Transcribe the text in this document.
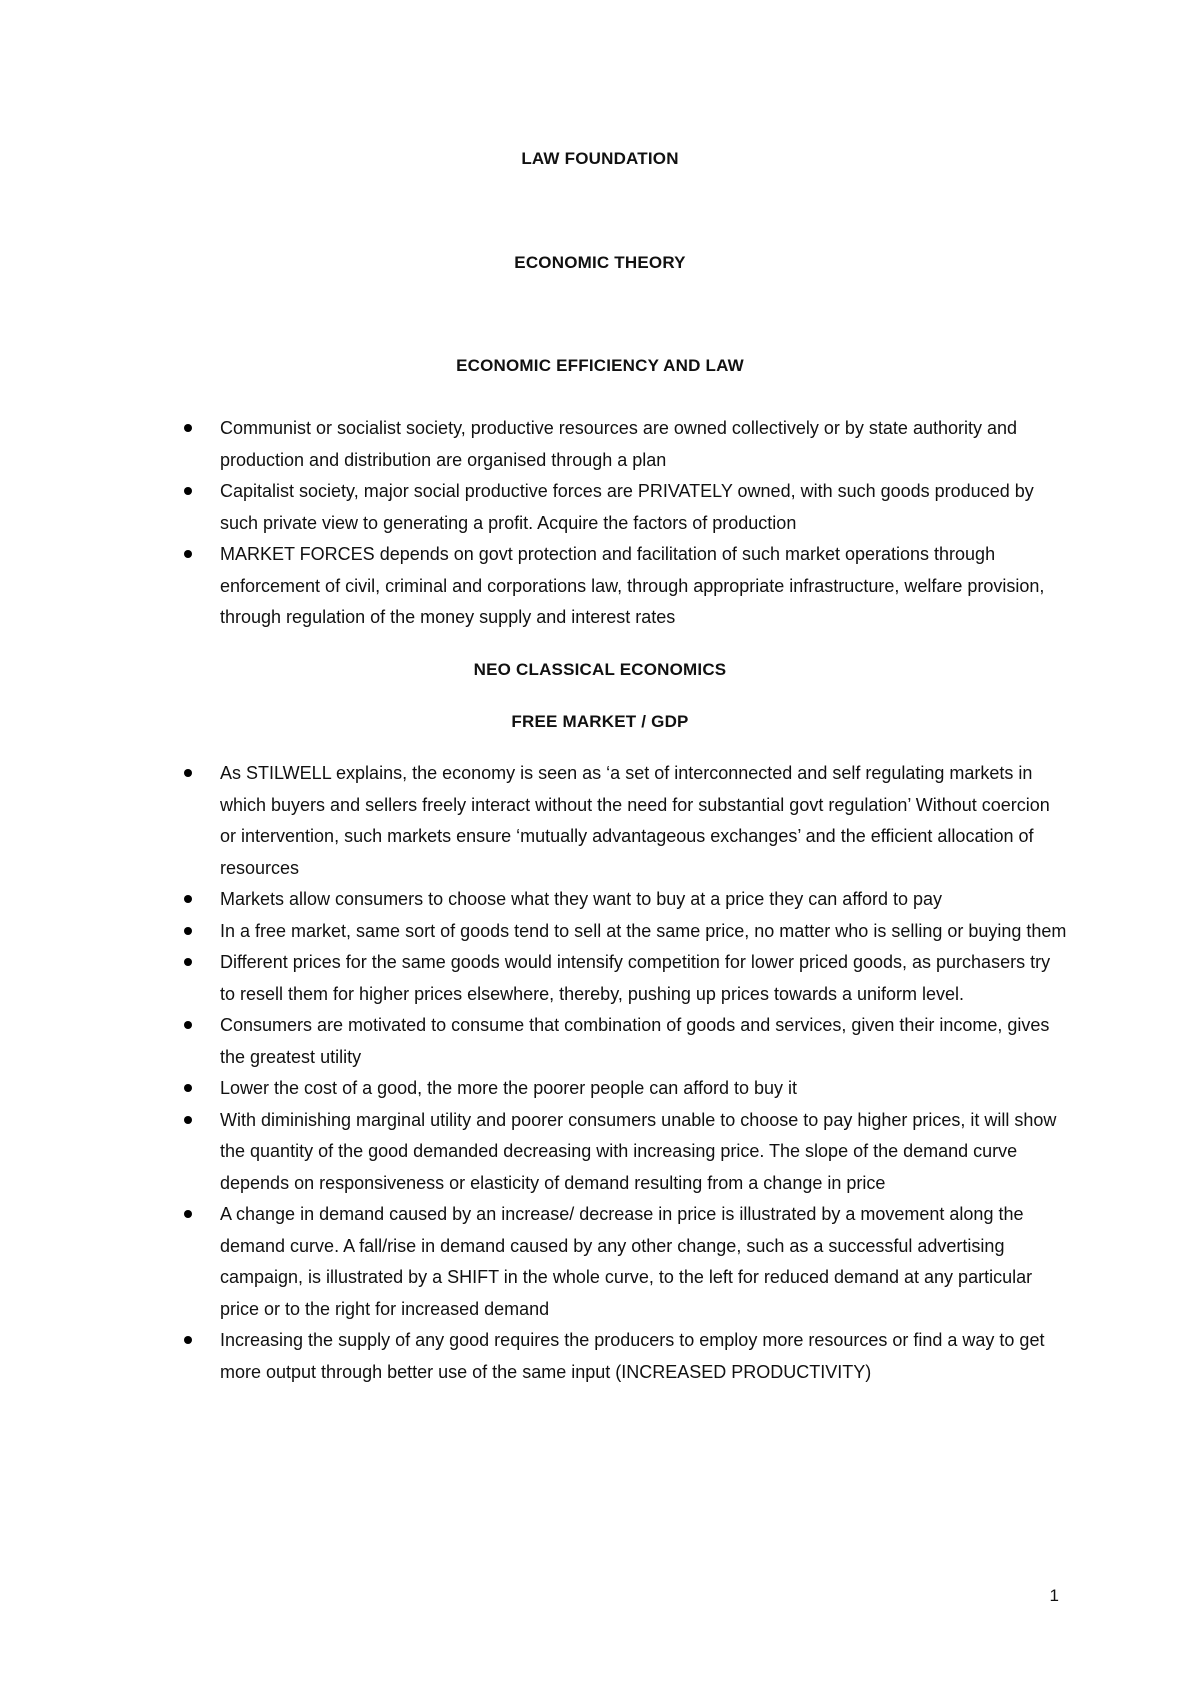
LAW FOUNDATION
ECONOMIC THEORY
ECONOMIC EFFICIENCY AND LAW
Communist or socialist society, productive resources are owned collectively or by state authority and production and distribution are organised through a plan
Capitalist society, major social productive forces are PRIVATELY owned, with such goods produced by such private view to generating a profit. Acquire the factors of production
MARKET FORCES depends on govt protection and facilitation of such market operations through enforcement of civil, criminal and corporations law, through appropriate infrastructure, welfare provision, through regulation of the money supply and interest rates
NEO CLASSICAL ECONOMICS
FREE MARKET / GDP
As STILWELL explains, the economy is seen as ‘a set of interconnected and self regulating markets in which buyers and sellers freely interact without the need for substantial govt regulation’ Without coercion or intervention, such markets ensure ‘mutually advantageous exchanges’ and the efficient allocation of resources
Markets allow consumers to choose what they want to buy at a price they can afford to pay
In a free market, same sort of goods tend to sell at the same price, no matter who is selling or buying them
Different prices for the same goods would intensify competition for lower priced goods, as purchasers try to resell them for higher prices elsewhere, thereby, pushing up prices towards a uniform level.
Consumers are motivated to consume that combination of goods and services, given their income, gives the greatest utility
Lower the cost of a good, the more the poorer people can afford to buy it
With diminishing marginal utility and poorer consumers unable to choose to pay higher prices, it will show the quantity of the good demanded decreasing with increasing price. The slope of the demand curve depends on responsiveness or elasticity of demand resulting from a change in price
A change in demand caused by an increase/ decrease in price is illustrated by a movement along the demand curve. A fall/rise in demand caused by any other change, such as a successful advertising campaign, is illustrated by a SHIFT in the whole curve, to the left for reduced demand at any particular price or to the right for increased demand
Increasing the supply of any good requires the producers to employ more resources or find a way to get more output through better use of the same input (INCREASED PRODUCTIVITY)
1
